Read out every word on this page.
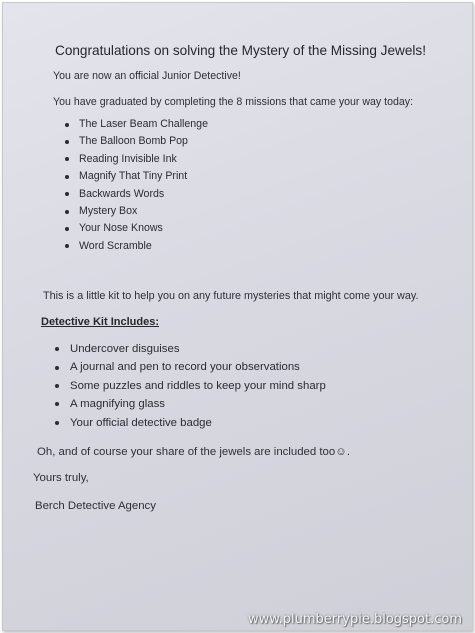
Congratulations on solving the Mystery of the Missing Jewels!
You are now an official Junior Detective!
You have graduated by completing the 8 missions that came your way today:
The Laser Beam Challenge
The Balloon Bomb Pop
Reading Invisible Ink
Magnify That Tiny Print
Backwards Words
Mystery Box
Your Nose Knows
Word Scramble
This is a little kit to help you on any future mysteries that might come your way.
Detective Kit Includes:
Undercover disguises
A journal and pen to record your observations
Some puzzles and riddles to keep your mind sharp
A magnifying glass
Your official detective badge
Oh, and of course your share of the jewels are included too☺.
Yours truly,
Berch Detective Agency
www.plumberrypie.blogspot.com
